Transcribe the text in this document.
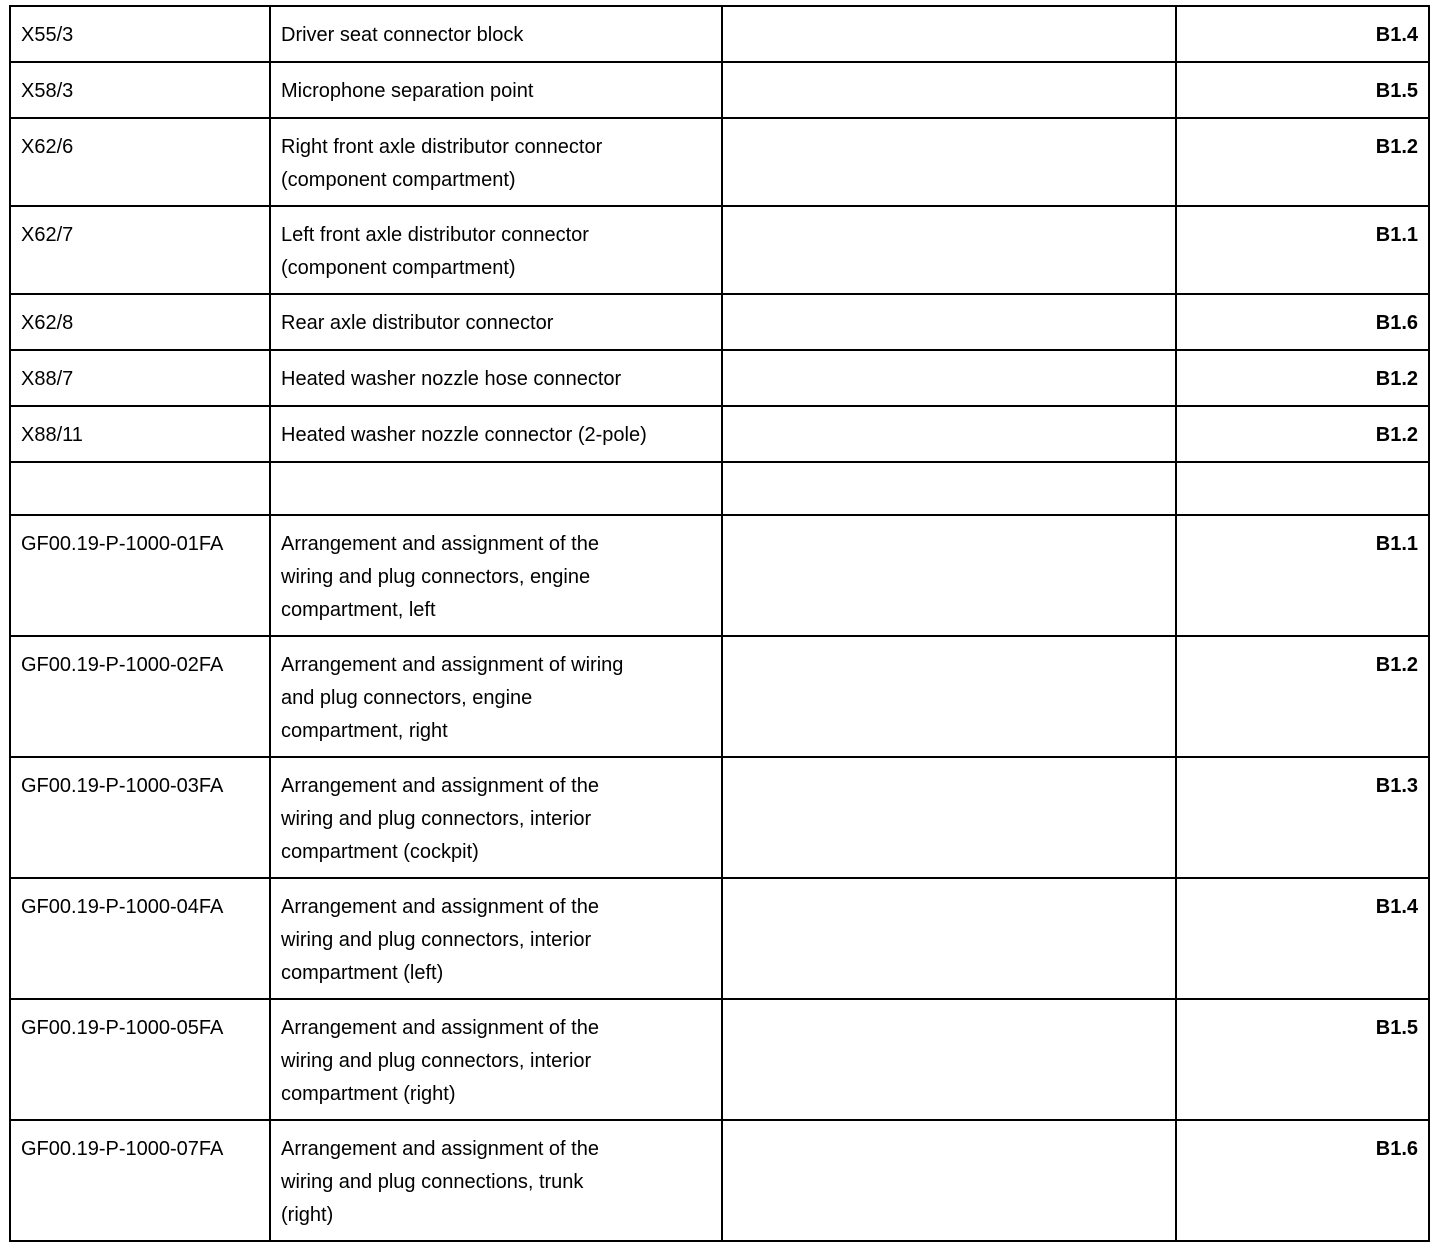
X55/3	Driver seat connector block		B1.4
X58/3	Microphone separation point		B1.5
X62/6	Right front axle distributor connector
(component compartment)		B1.2
X62/7	Left front axle distributor connector
(component compartment)		B1.1
X62/8	Rear axle distributor connector		B1.6
X88/7	Heated washer nozzle hose connector		B1.2
X88/11	Heated washer nozzle connector (2-pole)		B1.2

GF00.19-P-1000-01FA	Arrangement and assignment of the
wiring and plug connectors, engine
compartment, left		B1.1
GF00.19-P-1000-02FA	Arrangement and assignment of wiring
and plug connectors, engine
compartment, right		B1.2
GF00.19-P-1000-03FA	Arrangement and assignment of the
wiring and plug connectors, interior
compartment (cockpit)		B1.3
GF00.19-P-1000-04FA	Arrangement and assignment of the
wiring and plug connectors, interior
compartment (left)		B1.4
GF00.19-P-1000-05FA	Arrangement and assignment of the
wiring and plug connectors, interior
compartment (right)		B1.5
GF00.19-P-1000-07FA	Arrangement and assignment of the
wiring and plug connections, trunk
(right)		B1.6
